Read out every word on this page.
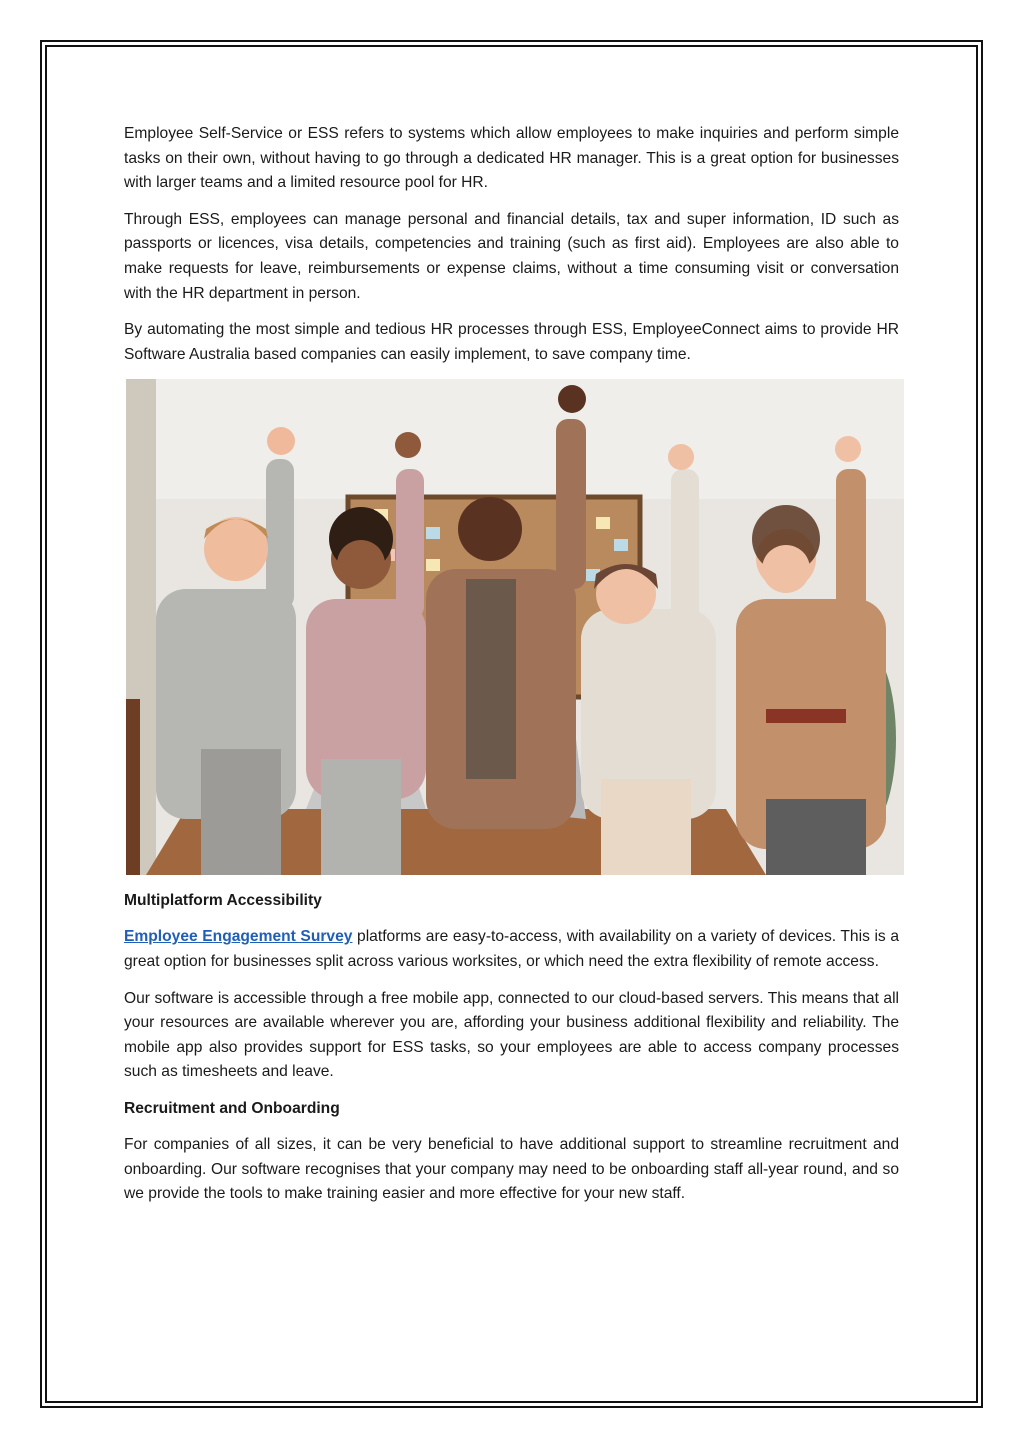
Employee Self-Service or ESS refers to systems which allow employees to make inquiries and perform simple tasks on their own, without having to go through a dedicated HR manager. This is a great option for businesses with larger teams and a limited resource pool for HR.

Through ESS, employees can manage personal and financial details, tax and super information, ID such as passports or licences, visa details, competencies and training (such as first aid). Employees are also able to make requests for leave, reimbursements or expense claims, without a time consuming visit or conversation with the HR department in person.

By automating the most simple and tedious HR processes through ESS, EmployeeConnect aims to provide HR Software Australia based companies can easily implement, to save company time.

Multiplatform Accessibility

Employee Engagement Survey platforms are easy-to-access, with availability on a variety of devices. This is a great option for businesses split across various worksites, or which need the extra flexibility of remote access.

Our software is accessible through a free mobile app, connected to our cloud-based servers. This means that all your resources are available wherever you are, affording your business additional flexibility and reliability. The mobile app also provides support for ESS tasks, so your employees are able to access company processes such as timesheets and leave.

Recruitment and Onboarding

For companies of all sizes, it can be very beneficial to have additional support to streamline recruitment and onboarding. Our software recognises that your company may need to be onboarding staff all-year round, and so we provide the tools to make training easier and more effective for your new staff.
